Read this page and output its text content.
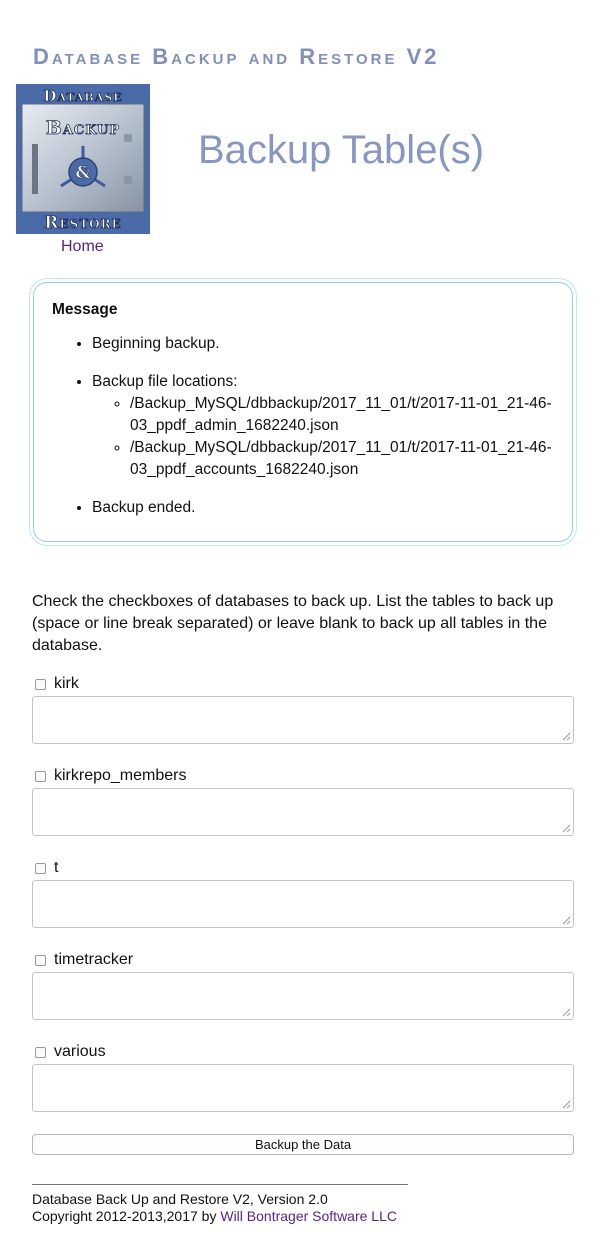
Database Backup and Restore V2
&
Database
Backup
Restore
Home
Backup Table(s)
Message
• Beginning backup.
• Backup file locations:
◦ /Backup_MySQL/dbbackup/2017_11_01/t/2017-11-01_21-46-03_ppdf_admin_1682240.json
◦ /Backup_MySQL/dbbackup/2017_11_01/t/2017-11-01_21-46-03_ppdf_accounts_1682240.json
• Backup ended.

Check the checkboxes of databases to back up. List the tables to back up (space or line break separated) or leave blank to back up all tables in the database.

kirk
kirkrepo_members
t
timetracker
various
Backup the Data
Database Back Up and Restore V2, Version 2.0
Copyright 2012-2013,2017 by Will Bontrager Software LLC
